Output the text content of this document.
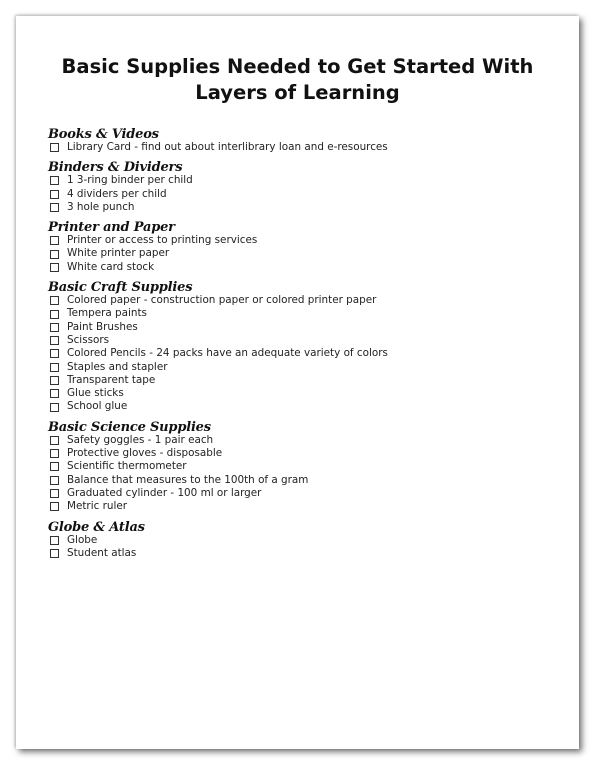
Basic Supplies Needed to Get Started With
Layers of Learning
Books & Videos
Library Card - find out about interlibrary loan and e-resources
Binders & Dividers
1 3-ring binder per child
4 dividers per child
3 hole punch
Printer and Paper
Printer or access to printing services
White printer paper
White card stock
Basic Craft Supplies
Colored paper - construction paper or colored printer paper
Tempera paints
Paint Brushes
Scissors
Colored Pencils - 24 packs have an adequate variety of colors
Staples and stapler
Transparent tape
Glue sticks
School glue
Basic Science Supplies
Safety goggles - 1 pair each
Protective gloves - disposable
Scientific thermometer
Balance that measures to the 100th of a gram
Graduated cylinder - 100 ml or larger
Metric ruler
Globe & Atlas
Globe
Student atlas
